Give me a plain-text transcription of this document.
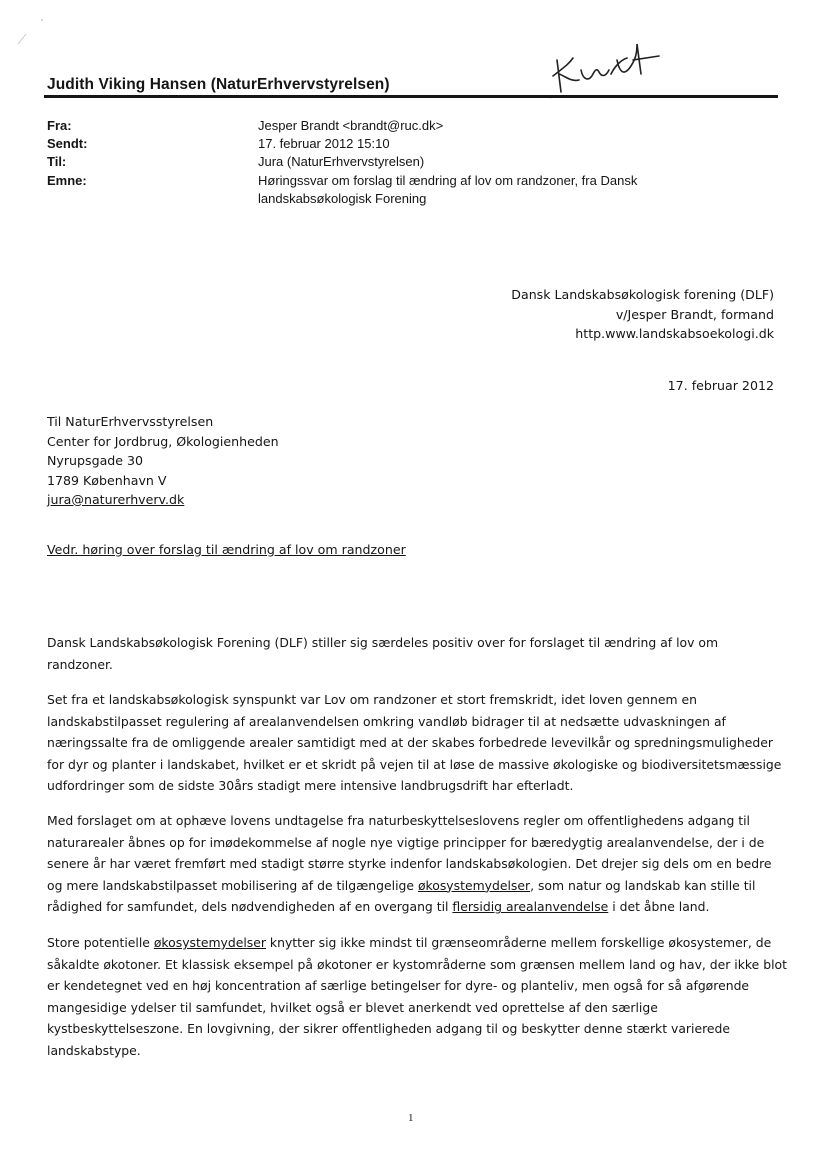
Judith Viking Hansen (NaturErhvervstyrelsen)
Fra:	Jesper Brandt <brandt@ruc.dk>
Sendt:	17. februar 2012 15:10
Til:	Jura (NaturErhvervstyrelsen)
Emne:	Høringssvar om forslag til ændring af lov om randzoner, fra Dansk
landskabsøkologisk Forening
Dansk Landskabsøkologisk forening (DLF)
v/Jesper Brandt, formand
http.www.landskabsoekologi.dk
17. februar 2012
Til NaturErhvervsstyrelsen
Center for Jordbrug, Økologienheden
Nyrupsgade 30
1789 København V
jura@naturerhverv.dk
Vedr. høring over forslag til ændring af lov om randzoner
Dansk Landskabsøkologisk Forening (DLF) stiller sig særdeles positiv over for forslaget til ændring af lov om randzoner.
Set fra et landskabsøkologisk synspunkt var Lov om randzoner et stort fremskridt, idet loven gennem en landskabstilpasset regulering af arealanvendelsen omkring vandløb bidrager til at nedsætte udvaskningen af næringssalte fra de omliggende arealer samtidigt med at der skabes forbedrede levevilkår og spredningsmuligheder for dyr og planter i landskabet, hvilket er et skridt på vejen til at løse de massive økologiske og biodiversitetsmæssige udfordringer som de sidste 30års stadigt mere intensive landbrugsdrift har efterladt.
Med forslaget om at ophæve lovens undtagelse fra naturbeskyttelseslovens regler om offentlighedens adgang til naturarealer åbnes op for imødekommelse af nogle nye vigtige principper for bæredygtig arealanvendelse, der i de senere år har været fremført med stadigt større styrke indenfor landskabsøkologien. Det drejer sig dels om en bedre og mere landskabstilpasset mobilisering af de tilgængelige økosystemydelser, som natur og landskab kan stille til rådighed for samfundet, dels nødvendigheden af en overgang til flersidig arealanvendelse i det åbne land.
Store potentielle økosystemydelser knytter sig ikke mindst til grænseområderne mellem forskellige økosystemer, de såkaldte økotoner. Et klassisk eksempel på økotoner er kystområderne som grænsen mellem land og hav, der ikke blot er kendetegnet ved en høj koncentration af særlige betingelser for dyre- og planteliv, men også for så afgørende mangesidige ydelser til samfundet, hvilket også er blevet anerkendt ved oprettelse af den særlige kystbeskyttelseszone. En lovgivning, der sikrer offentligheden adgang til og beskytter denne stærkt varierede landskabstype.
1
